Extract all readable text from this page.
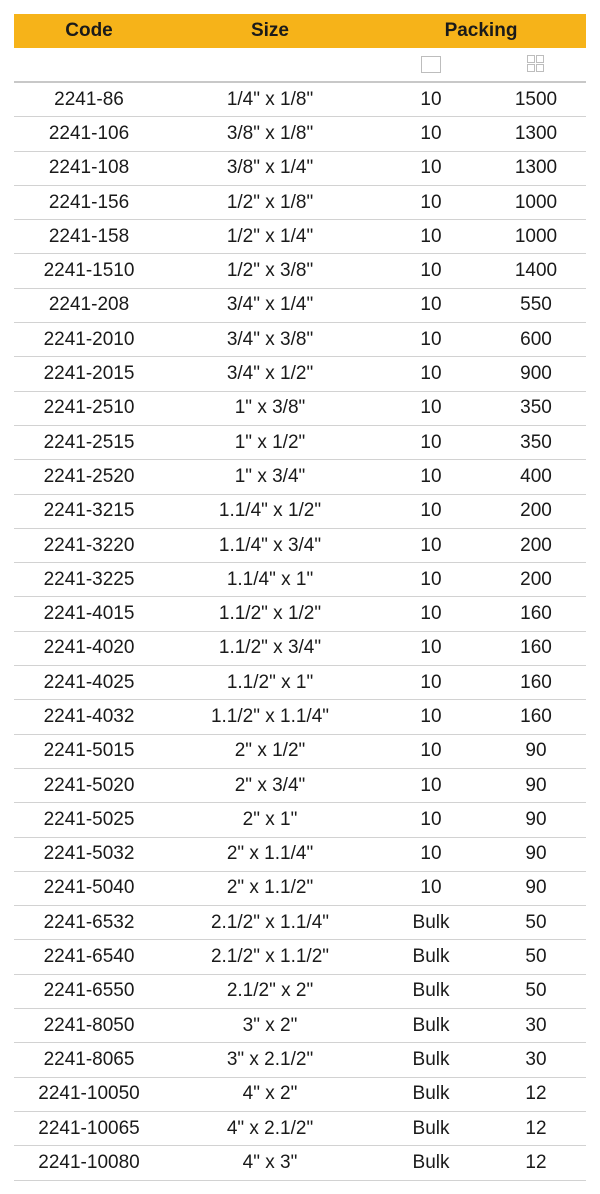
Code	Size	Packing
2241-86	1/4" x 1/8"	10	1500
2241-106	3/8" x 1/8"	10	1300
2241-108	3/8" x 1/4"	10	1300
2241-156	1/2" x 1/8"	10	1000
2241-158	1/2" x 1/4"	10	1000
2241-1510	1/2" x 3/8"	10	1400
2241-208	3/4" x 1/4"	10	550
2241-2010	3/4" x 3/8"	10	600
2241-2015	3/4" x 1/2"	10	900
2241-2510	1" x 3/8"	10	350
2241-2515	1" x 1/2"	10	350
2241-2520	1" x 3/4"	10	400
2241-3215	1.1/4" x 1/2"	10	200
2241-3220	1.1/4" x 3/4"	10	200
2241-3225	1.1/4" x 1"	10	200
2241-4015	1.1/2" x 1/2"	10	160
2241-4020	1.1/2" x 3/4"	10	160
2241-4025	1.1/2" x 1"	10	160
2241-4032	1.1/2" x 1.1/4"	10	160
2241-5015	2" x 1/2"	10	90
2241-5020	2" x 3/4"	10	90
2241-5025	2" x 1"	10	90
2241-5032	2" x 1.1/4"	10	90
2241-5040	2" x 1.1/2"	10	90
2241-6532	2.1/2" x 1.1/4"	Bulk	50
2241-6540	2.1/2" x 1.1/2"	Bulk	50
2241-6550	2.1/2" x 2"	Bulk	50
2241-8050	3" x 2"	Bulk	30
2241-8065	3" x 2.1/2"	Bulk	30
2241-10050	4" x 2"	Bulk	12
2241-10065	4" x 2.1/2"	Bulk	12
2241-10080	4" x 3"	Bulk	12
